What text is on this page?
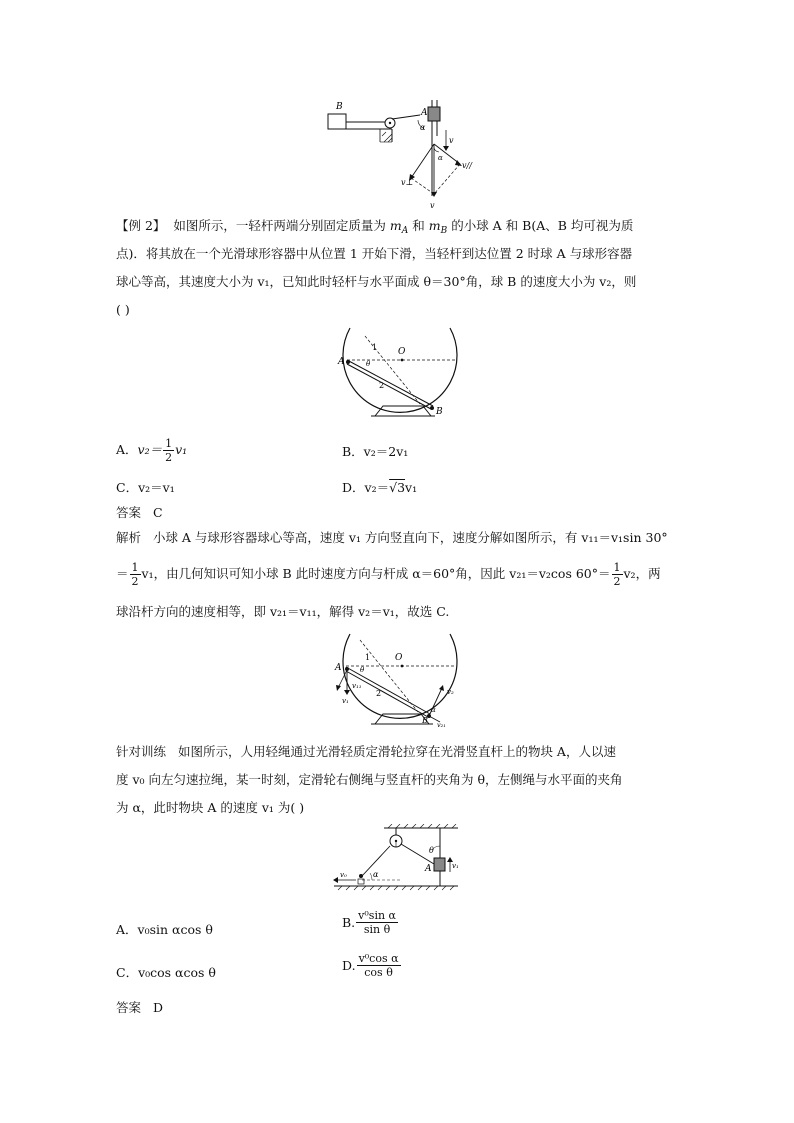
B
A
α
α
v
v
v⊥
v//
【例 2】 如图所示，一轻杆两端分别固定质量为 $m_A$ 和 $m_B$ 的小球 A 和 B(A、B 均可视为质
点)．将其放在一个光滑球形容器中从位置 1 开始下滑，当轻杆到达位置 2 时球 A 与球形容器
球心等高，其速度大小为 v₁，已知此时轻杆与水平面成 θ＝30°角，球 B 的速度大小为 v₂，则
( )
O
A
1
2
θ
B
A．$v_2= \frac{1}{2} v_1$	B．v₂＝2v₁
C．v₂＝v₁	D．v₂＝√3v₁
答案 C
解析 小球 A 与球形容器球心等高，速度 v₁ 方向竖直向下，速度分解如图所示，有 v₁₁＝v₁sin 30°
＝ $\frac{1}{2} v_1$，由几何知识可知小球 B 此时速度方向与杆成 α＝60°角，因此 v₂₁＝v₂cos $60^\circ= \frac{1}{2} v_2$，两
球沿杆方向的速度相等，即 v₂₁＝v₁₁，解得 v₂＝v₁，故选 C.
O
A
1
2
θ
v₁
v₁₁
v₂
v₂₁
α
B
针对训练 如图所示，人用轻绳通过光滑轻质定滑轮拉穿在光滑竖直杆上的物块 A，人以速
度 v₀ 向左匀速拉绳，某一时刻，定滑轮右侧绳与竖直杆的夹角为 θ，左侧绳与水平面的夹角
为 α，此时物块 A 的速度 v₁ 为( )
θ
A	v₁
α
v₀
A．v₀sin αcos θ	B. $\frac{\text{v⁰sin α}}{\text{sin θ}}$
C．v₀cos αcos θ	D. $\frac{\text{v⁰cos α}}{\text{cos θ}}$
答案 D
